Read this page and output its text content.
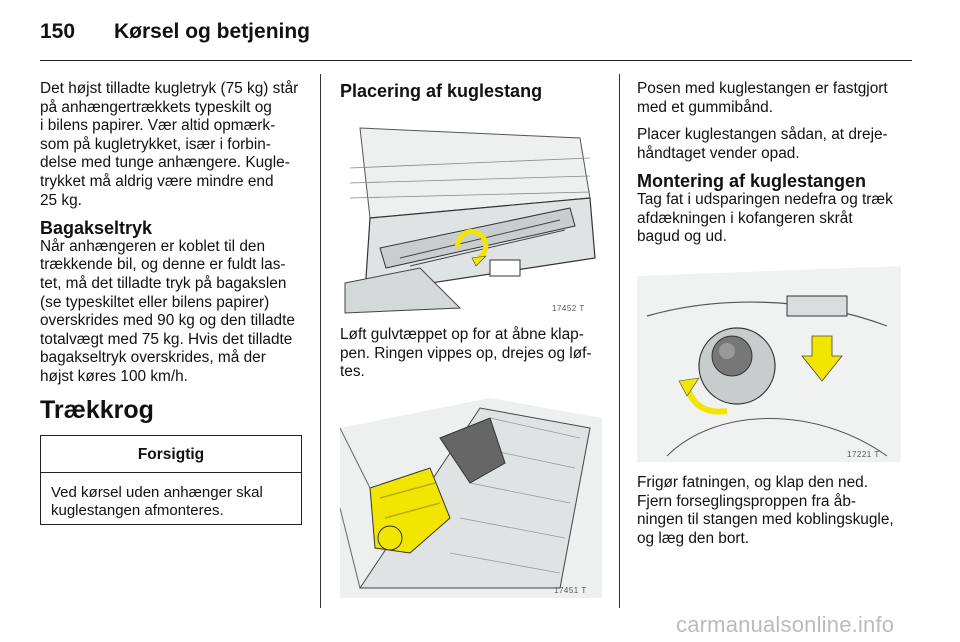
150 Kørsel og betjening

Det højst tilladte kugletryk (75 kg) står
på anhængertrækkets typeskilt og
i bilens papirer. Vær altid opmærk-
som på kugletrykket, især i forbin-
delse med tunge anhængere. Kugle-
trykket må aldrig være mindre end
25 kg.

Bagakseltryk

Når anhængeren er koblet til den
trækkende bil, og denne er fuldt las-
tet, må det tilladte tryk på bagakslen
(se typeskiltet eller bilens papirer)
overskrides med 90 kg og den tilladte
totalvægt med 75 kg. Hvis det tilladte
bagakseltryk overskrides, må der
højst køres 100 km/h.

Trækkrog
Forsigtig
Ved kørsel uden anhænger skal
kuglestangen afmonteres.
Placering af kuglestang
17452 T

Løft gulvtæppet op for at åbne klap-
pen. Ringen vippes op, drejes og løf-
tes.

17451 T

Posen med kuglestangen er fastgjort
med et gummibånd.

Placer kuglestangen sådan, at dreje-
håndtaget vender opad.

Montering af kuglestangen

Tag fat i udsparingen nedefra og træk
afdækningen i kofangeren skråt
bagud og ud.

17221 T

Frigør fatningen, og klap den ned.
Fjern forseglingsproppen fra åb-
ningen til stangen med koblingskugle,
og læg den bort.

carmanualsonline.info
